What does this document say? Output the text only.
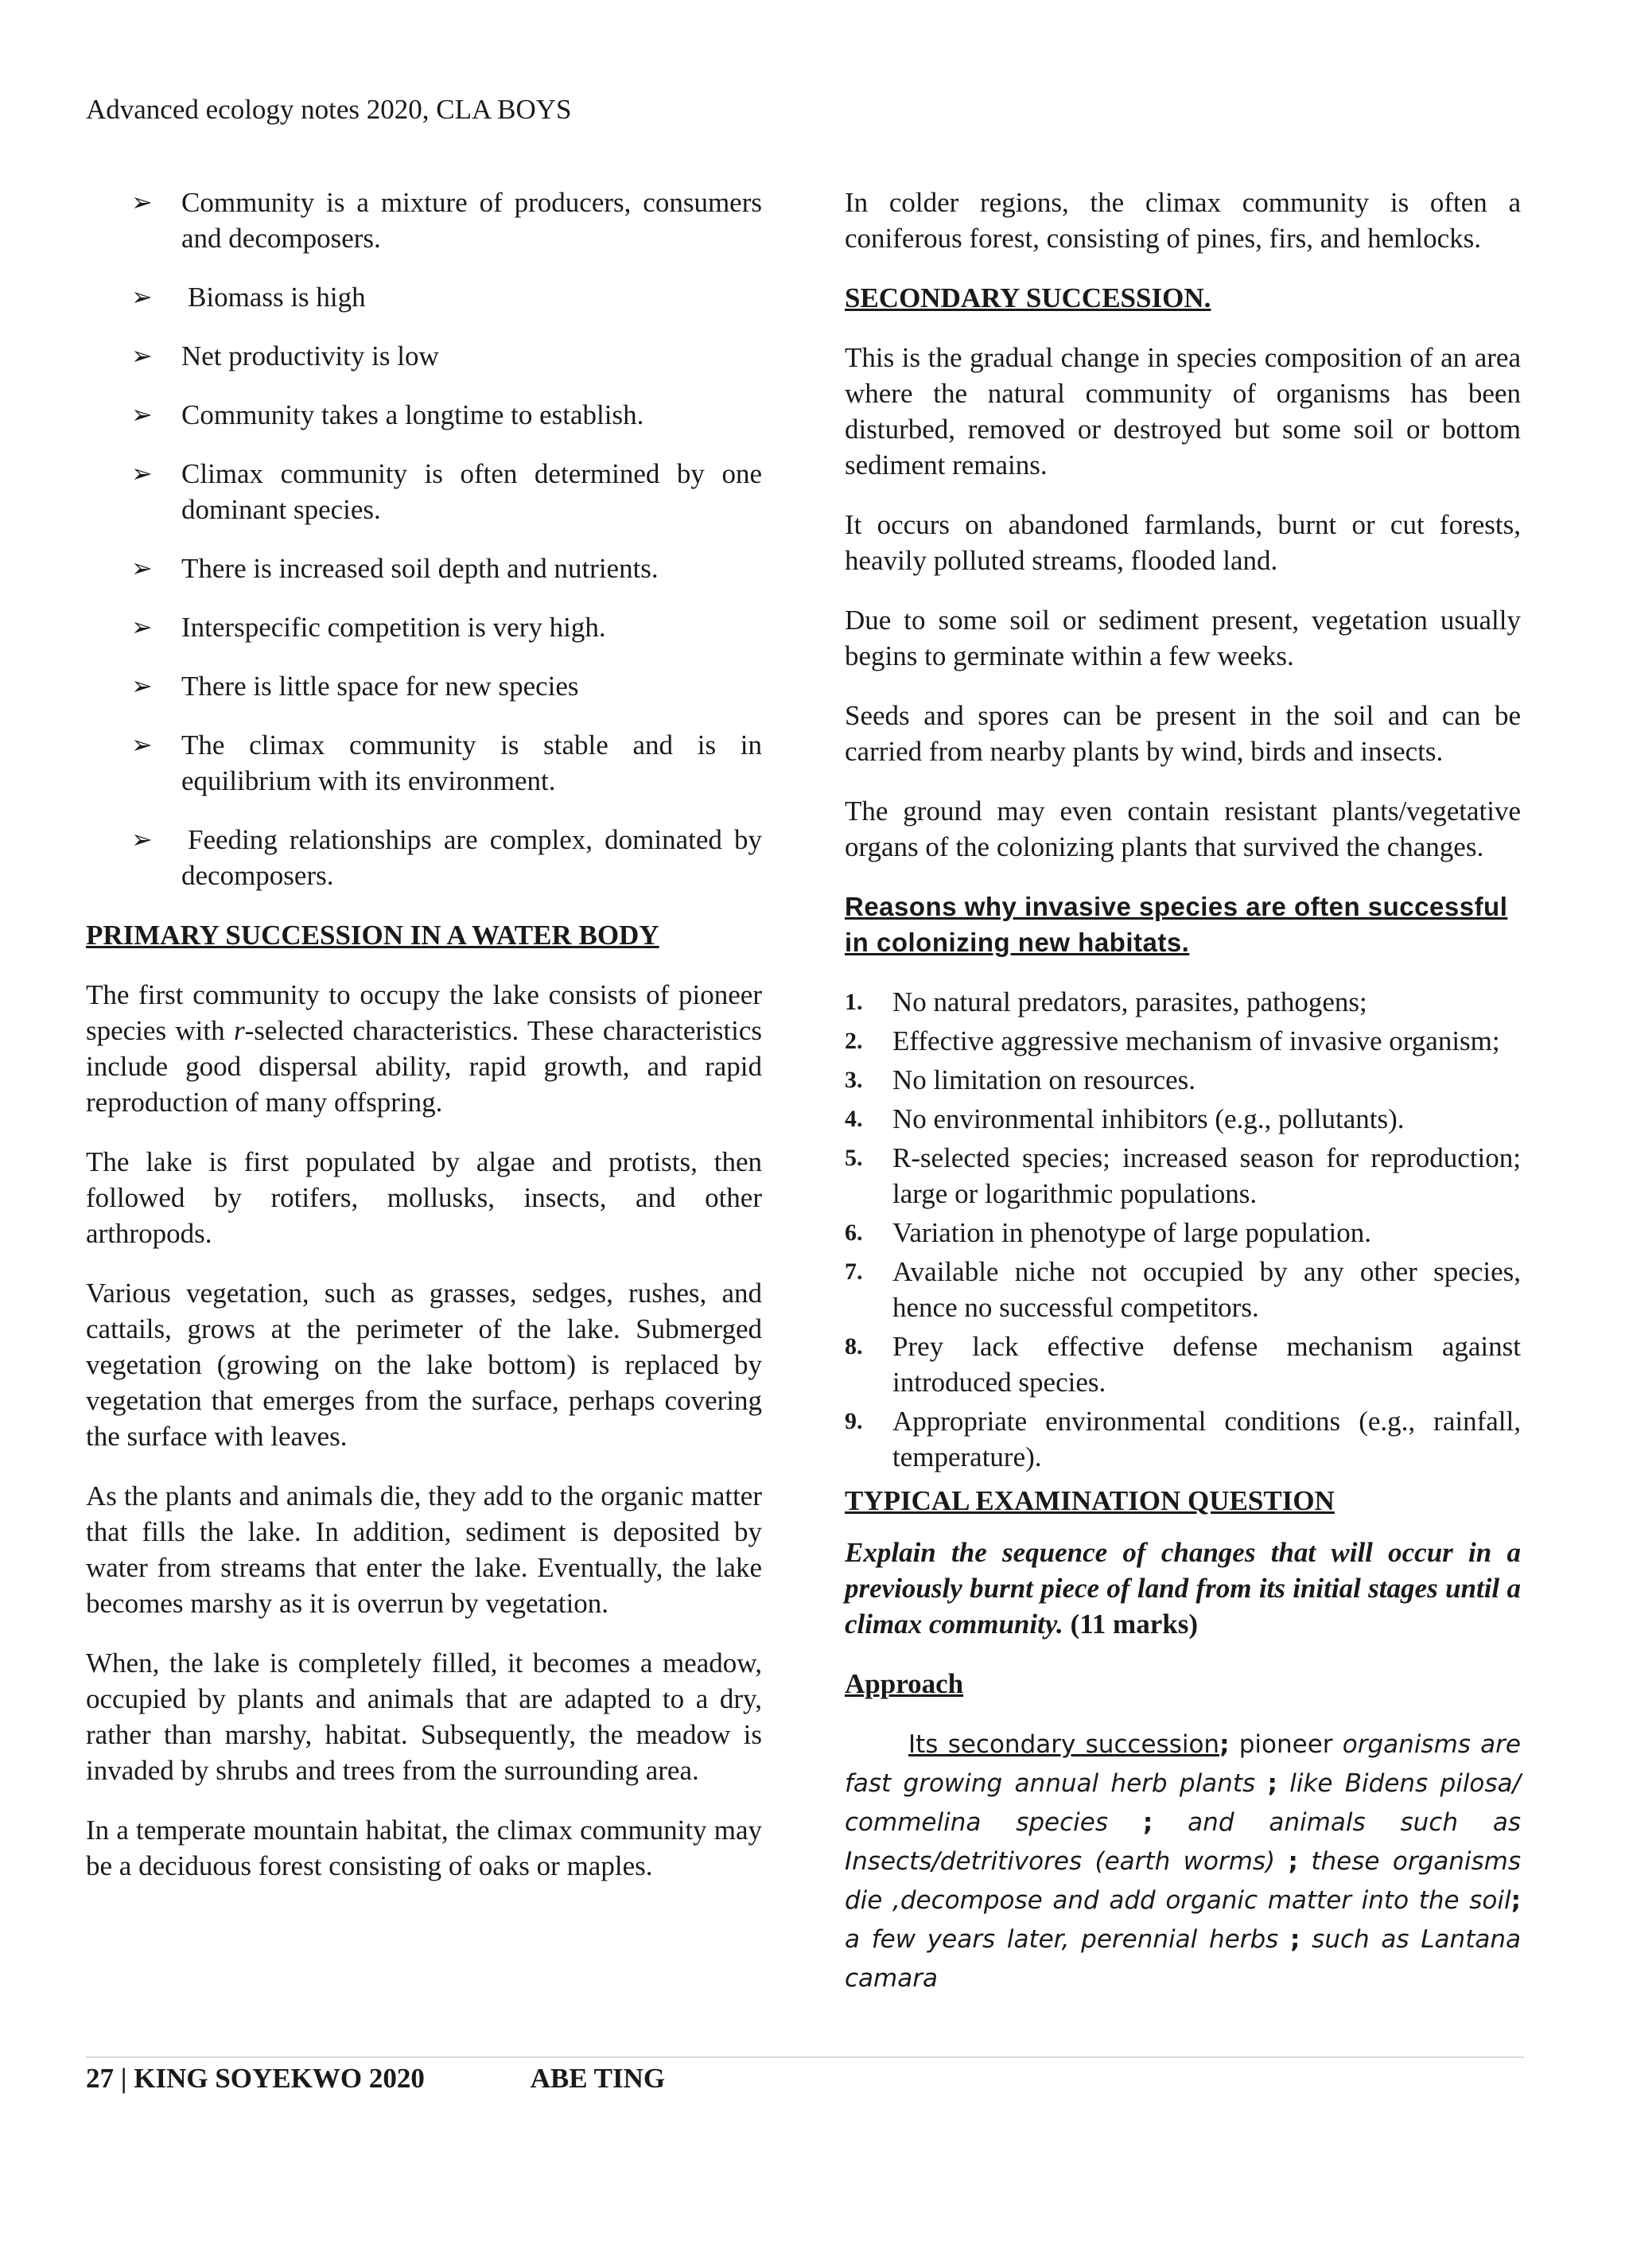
Advanced ecology notes 2020, CLA BOYS
➢ Community is a mixture of producers, consumers and decomposers.
➢ Biomass is high
➢ Net productivity is low
➢ Community takes a longtime to establish.
➢ Climax community is often determined by one dominant species.
➢ There is increased soil depth and nutrients.
➢ Interspecific competition is very high.
➢ There is little space for new species
➢ The climax community is stable and is in equilibrium with its environment.
➢ Feeding relationships are complex, dominated by decomposers.
PRIMARY SUCCESSION IN A WATER BODY

The first community to occupy the lake consists of pioneer species with r-selected characteristics. These characteristics include good dispersal ability, rapid growth, and rapid reproduction of many offspring.

The lake is first populated by algae and protists, then followed by rotifers, mollusks, insects, and other arthropods.

Various vegetation, such as grasses, sedges, rushes, and cattails, grows at the perimeter of the lake. Submerged vegetation (growing on the lake bottom) is replaced by vegetation that emerges from the surface, perhaps covering the surface with leaves.

As the plants and animals die, they add to the organic matter that fills the lake. In addition, sediment is deposited by water from streams that enter the lake. Eventually, the lake becomes marshy as it is overrun by vegetation.

When, the lake is completely filled, it becomes a meadow, occupied by plants and animals that are adapted to a dry, rather than marshy, habitat. Subsequently, the meadow is invaded by shrubs and trees from the surrounding area.

In a temperate mountain habitat, the climax community may be a deciduous forest consisting of oaks or maples.

In colder regions, the climax community is often a coniferous forest, consisting of pines, firs, and hemlocks.

SECONDARY SUCCESSION.

This is the gradual change in species composition of an area where the natural community of organisms has been disturbed, removed or destroyed but some soil or bottom sediment remains.

It occurs on abandoned farmlands, burnt or cut forests, heavily polluted streams, flooded land.

Due to some soil or sediment present, vegetation usually begins to germinate within a few weeks.

Seeds and spores can be present in the soil and can be carried from nearby plants by wind, birds and insects.

The ground may even contain resistant plants/vegetative organs of the colonizing plants that survived the changes.

Reasons why invasive species are often successful in colonizing new habitats.
1. No natural predators, parasites, pathogens;
2. Effective aggressive mechanism of invasive organism;
3. No limitation on resources.
4. No environmental inhibitors (e.g., pollutants).
5. R-selected species; increased season for reproduction; large or logarithmic populations.
6. Variation in phenotype of large population.
7. Available niche not occupied by any other species, hence no successful competitors.
8. Prey lack effective defense mechanism against introduced species.
9. Appropriate environmental conditions (e.g., rainfall, temperature).
TYPICAL EXAMINATION QUESTION

Explain the sequence of changes that will occur in a previously burnt piece of land from its initial stages until a climax community. (11 marks)

Approach

Its secondary succession; pioneer organisms are fast growing annual herb plants ; like Bidens pilosa/ commelina species ; and animals such as Insects/detritivores (earth worms) ; these organisms die ,decompose and add organic matter into the soil; a few years later, perennial herbs ; such as Lantana camara

27 | KING SOYEKWO 2020	ABE TING
